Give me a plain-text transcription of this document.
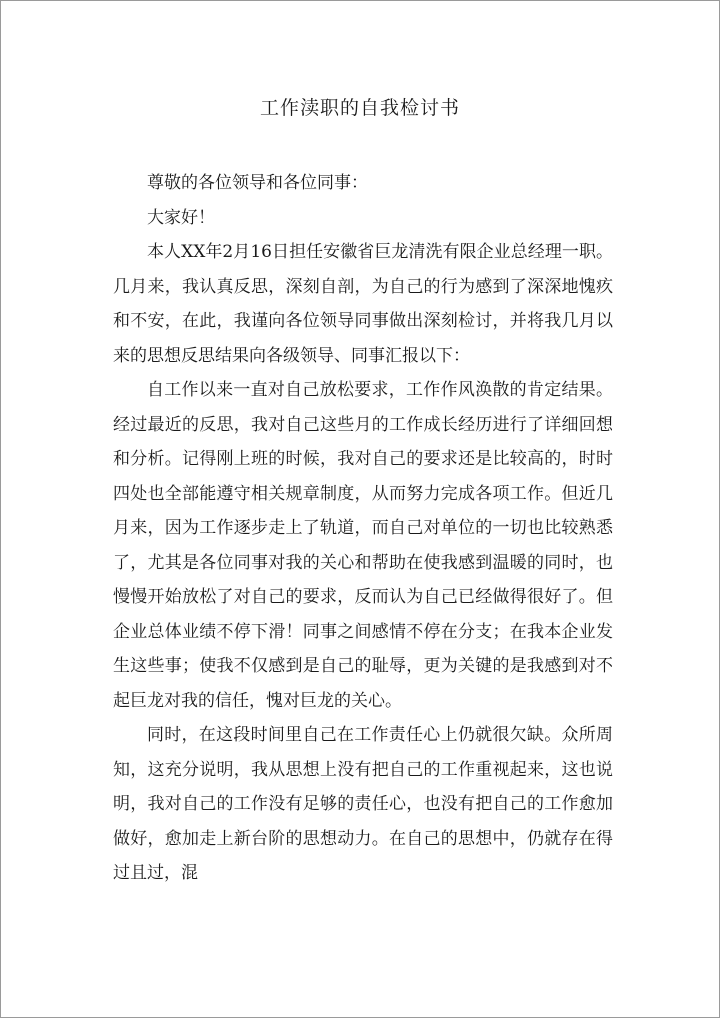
工作渎职的自我检讨书

尊敬的各位领导和各位同事：

大家好！

本人XX年2月16日担任安徽省巨龙清洗有限企业总经理一职。几月来，我认真反思，深刻自剖，为自己的行为感到了深深地愧疚和不安，在此，我谨向各位领导同事做出深刻检讨，并将我几月以来的思想反思结果向各级领导、同事汇报以下：

自工作以来一直对自己放松要求，工作作风涣散的肯定结果。经过最近的反思，我对自己这些月的工作成长经历进行了详细回想和分析。记得刚上班的时候，我对自己的要求还是比较高的，时时四处也全部能遵守相关规章制度，从而努力完成各项工作。但近几月来，因为工作逐步走上了轨道，而自己对单位的一切也比较熟悉了，尤其是各位同事对我的关心和帮助在使我感到温暖的同时，也慢慢开始放松了对自己的要求，反而认为自己已经做得很好了。但企业总体业绩不停下滑！同事之间感情不停在分支；在我本企业发生这些事；使我不仅感到是自己的耻辱，更为关键的是我感到对不起巨龙对我的信任，愧对巨龙的关心。

同时，在这段时间里自己在工作责任心上仍就很欠缺。众所周知，这充分说明，我从思想上没有把自己的工作重视起来，这也说明，我对自己的工作没有足够的责任心，也没有把自己的工作愈加做好，愈加走上新台阶的思想动力。在自己的思想中，仍就存在得过且过，混
